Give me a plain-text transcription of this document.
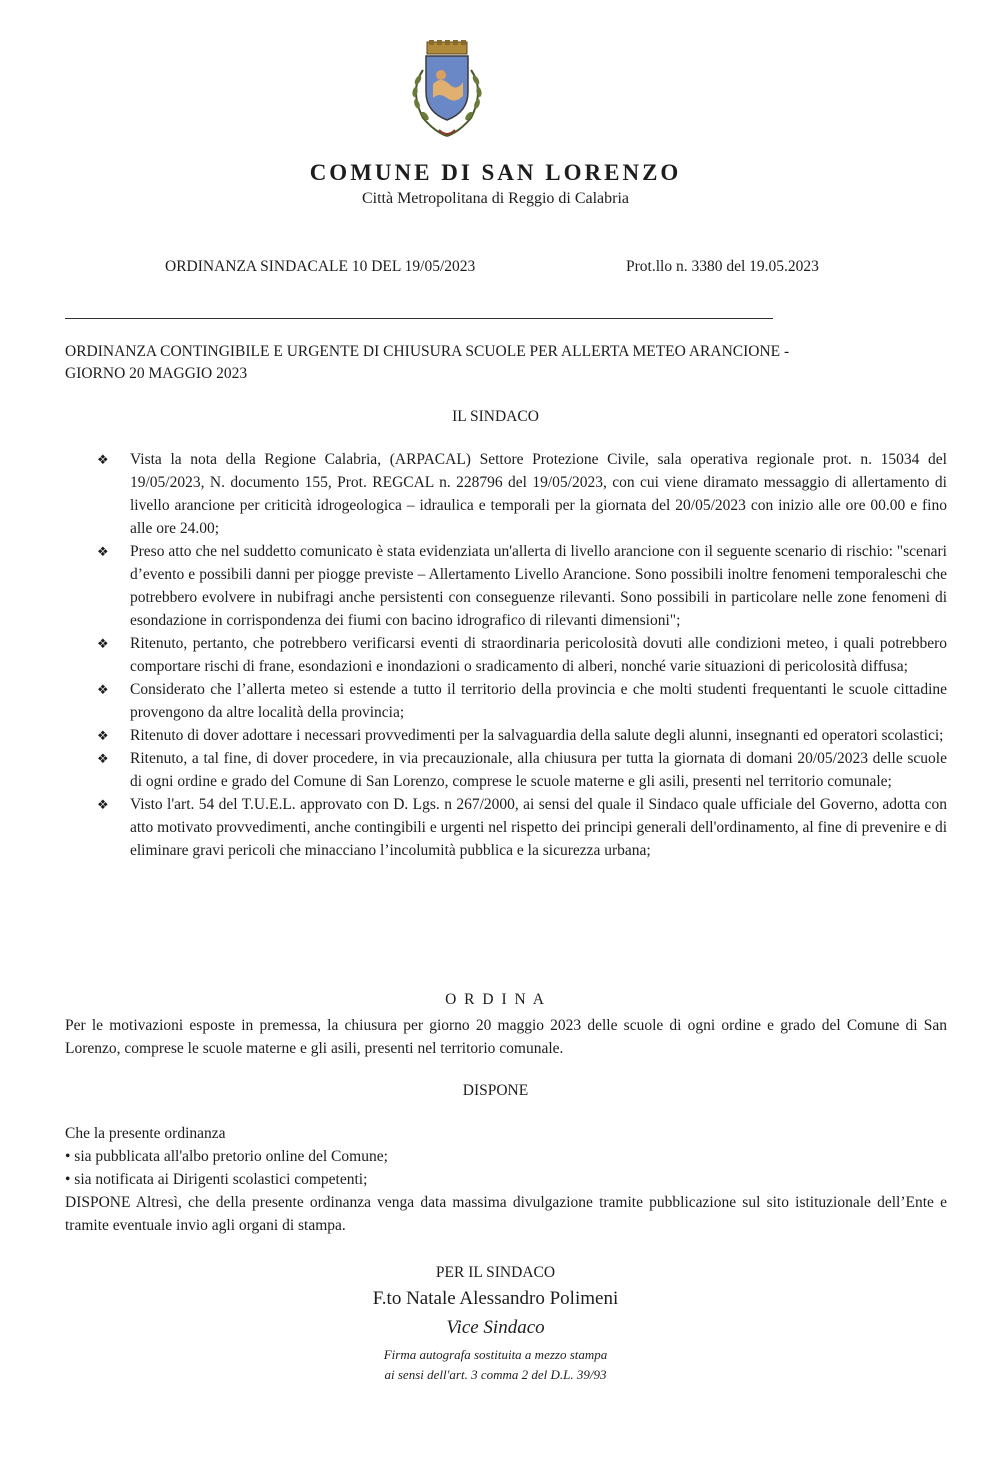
COMUNE DI SAN LORENZO
Città Metropolitana di Reggio di Calabria
ORDINANZA SINDACALE 10 DEL 19/05/2023	Prot.llo n. 3380 del 19.05.2023
ORDINANZA CONTINGIBILE E URGENTE DI CHIUSURA SCUOLE PER ALLERTA METEO ARANCIONE -
GIORNO 20 MAGGIO 2023
IL SINDACO
❖ Vista la nota della Regione Calabria, (ARPACAL) Settore Protezione Civile, sala operativa regionale prot. n. 15034 del 19/05/2023, N. documento 155, Prot. REGCAL n. 228796 del 19/05/2023, con cui viene diramato messaggio di allertamento di livello arancione per criticità idrogeologica – idraulica e temporali per la giornata del 20/05/2023 con inizio alle ore 00.00 e fino alle ore 24.00;
❖ Preso atto che nel suddetto comunicato è stata evidenziata un'allerta di livello arancione con il seguente scenario di rischio: "scenari d’evento e possibili danni per piogge previste – Allertamento Livello Arancione. Sono possibili inoltre fenomeni temporaleschi che potrebbero evolvere in nubifragi anche persistenti con conseguenze rilevanti. Sono possibili in particolare nelle zone fenomeni di esondazione in corrispondenza dei fiumi con bacino idrografico di rilevanti dimensioni";
❖ Ritenuto, pertanto, che potrebbero verificarsi eventi di straordinaria pericolosità dovuti alle condizioni meteo, i quali potrebbero comportare rischi di frane, esondazioni e inondazioni o sradicamento di alberi, nonché varie situazioni di pericolosità diffusa;
❖ Considerato che l’allerta meteo si estende a tutto il territorio della provincia e che molti studenti frequentanti le scuole cittadine provengono da altre località della provincia;
❖ Ritenuto di dover adottare i necessari provvedimenti per la salvaguardia della salute degli alunni, insegnanti ed operatori scolastici;
❖ Ritenuto, a tal fine, di dover procedere, in via precauzionale, alla chiusura per tutta la giornata di domani 20/05/2023 delle scuole di ogni ordine e grado del Comune di San Lorenzo, comprese le scuole materne e gli asili, presenti nel territorio comunale;
❖ Visto l'art. 54 del T.U.E.L. approvato con D. Lgs. n 267/2000, ai sensi del quale il Sindaco quale ufficiale del Governo, adotta con atto motivato provvedimenti, anche contingibili e urgenti nel rispetto dei principi generali dell'ordinamento, al fine di prevenire e di eliminare gravi pericoli che minacciano l’incolumità pubblica e la sicurezza urbana;
O R D I N A
Per le motivazioni esposte in premessa, la chiusura per giorno 20 maggio 2023 delle scuole di ogni ordine e grado del Comune di San Lorenzo, comprese le scuole materne e gli asili, presenti nel territorio comunale.
DISPONE
Che la presente ordinanza
• sia pubblicata all'albo pretorio online del Comune;
• sia notificata ai Dirigenti scolastici competenti;
DISPONE Altresì, che della presente ordinanza venga data massima divulgazione tramite pubblicazione sul sito istituzionale dell’Ente e tramite eventuale invio agli organi di stampa.
PER IL SINDACO
F.to Natale Alessandro Polimeni
Vice Sindaco
Firma autografa sostituita a mezzo stampa
ai sensi dell'art. 3 comma 2 del D.L. 39/93
